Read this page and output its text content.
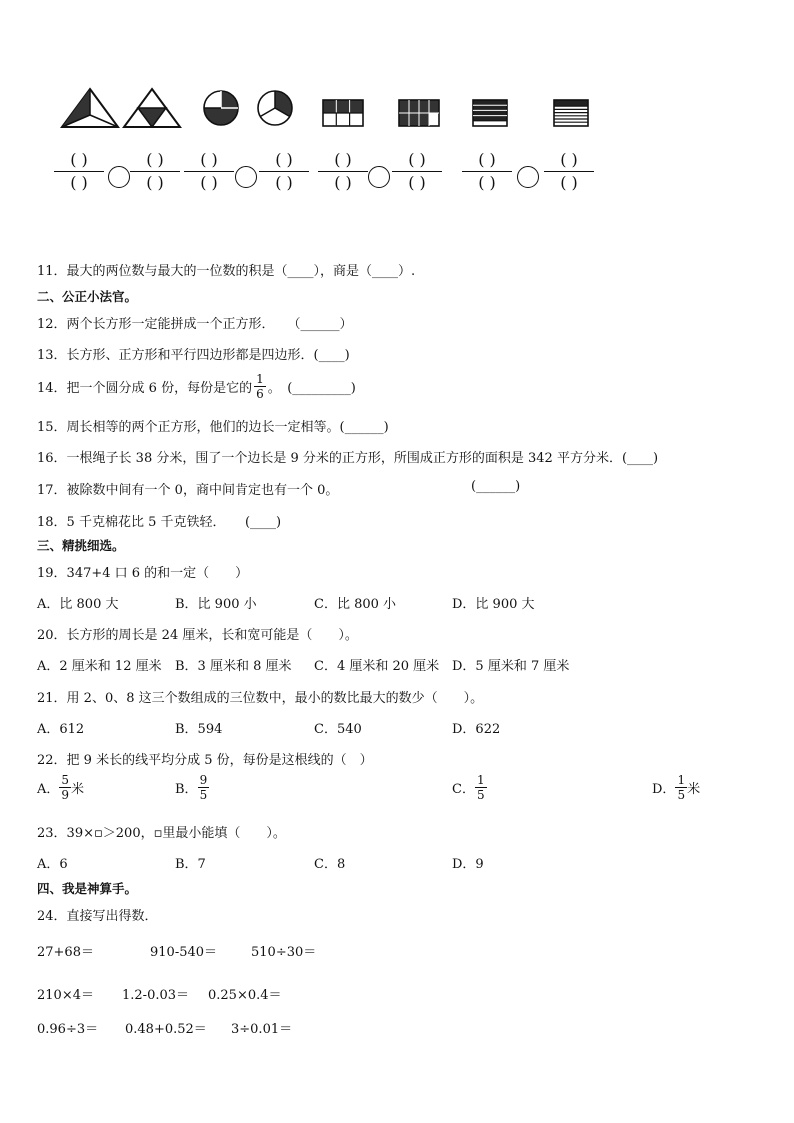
( )
( )
( )
( )
( )
( )
( )
( )
( )
( )
( )
( )
( )
( )
( )
( )
11．最大的两位数与最大的一位数的积是（____），商是（____）.
二、公正小法官。
12．两个长方形一定能拼成一个正方形．　　（______）
13．长方形、正方形和平行四边形都是四边形．(____)
14．把一个圆分成 6 份，每份是它的 $\frac{1}{6}$ 。　(_________)
15．周长相等的两个正方形，他们的边长一定相等。(______)
16．一根绳子长 38 分米，围了一个边长是 9 分米的正方形，所围成正方形的面积是 342 平方分米．(____)
17．被除数中间有一个 0，商中间肯定也有一个 0。	(______)
18．5 千克棉花比 5 千克铁轻．　　(____)
三、精挑细选。
19．347+4 口 6 的和一定（　　）
A．比 800 大	B．比 900 小	C．比 800 小	D．比 900 大
20．长方形的周长是 24 厘米，长和宽可能是（　　）。
A．2 厘米和 12 厘米 B．3 厘米和 8 厘米 C．4 厘米和 20 厘米 D．5 厘米和 7 厘米
21．用 2、0、8 这三个数组成的三位数中，最小的数比最大的数少（　　）。
A．612	B．594	C．540	D．622
22．把 9 米长的线平均分成 5 份，每份是这根线的（　）
A． $\frac{5}{9}$ 米	B． $\frac{9}{5}$	C． $\frac{1}{5}$	D． $\frac{1}{5}$ 米
23．39×▫＞200，▫里最小能填（　　）。
A．6	B．7	C．8	D．9
四、我是神算手。
24．直接写出得数．
27+68＝	910-540＝	510÷30＝
210×4＝ 1.2-0.03＝ 0.25×0.4＝
0.96÷3＝ 0.48+0.52＝ 3÷0.01＝
